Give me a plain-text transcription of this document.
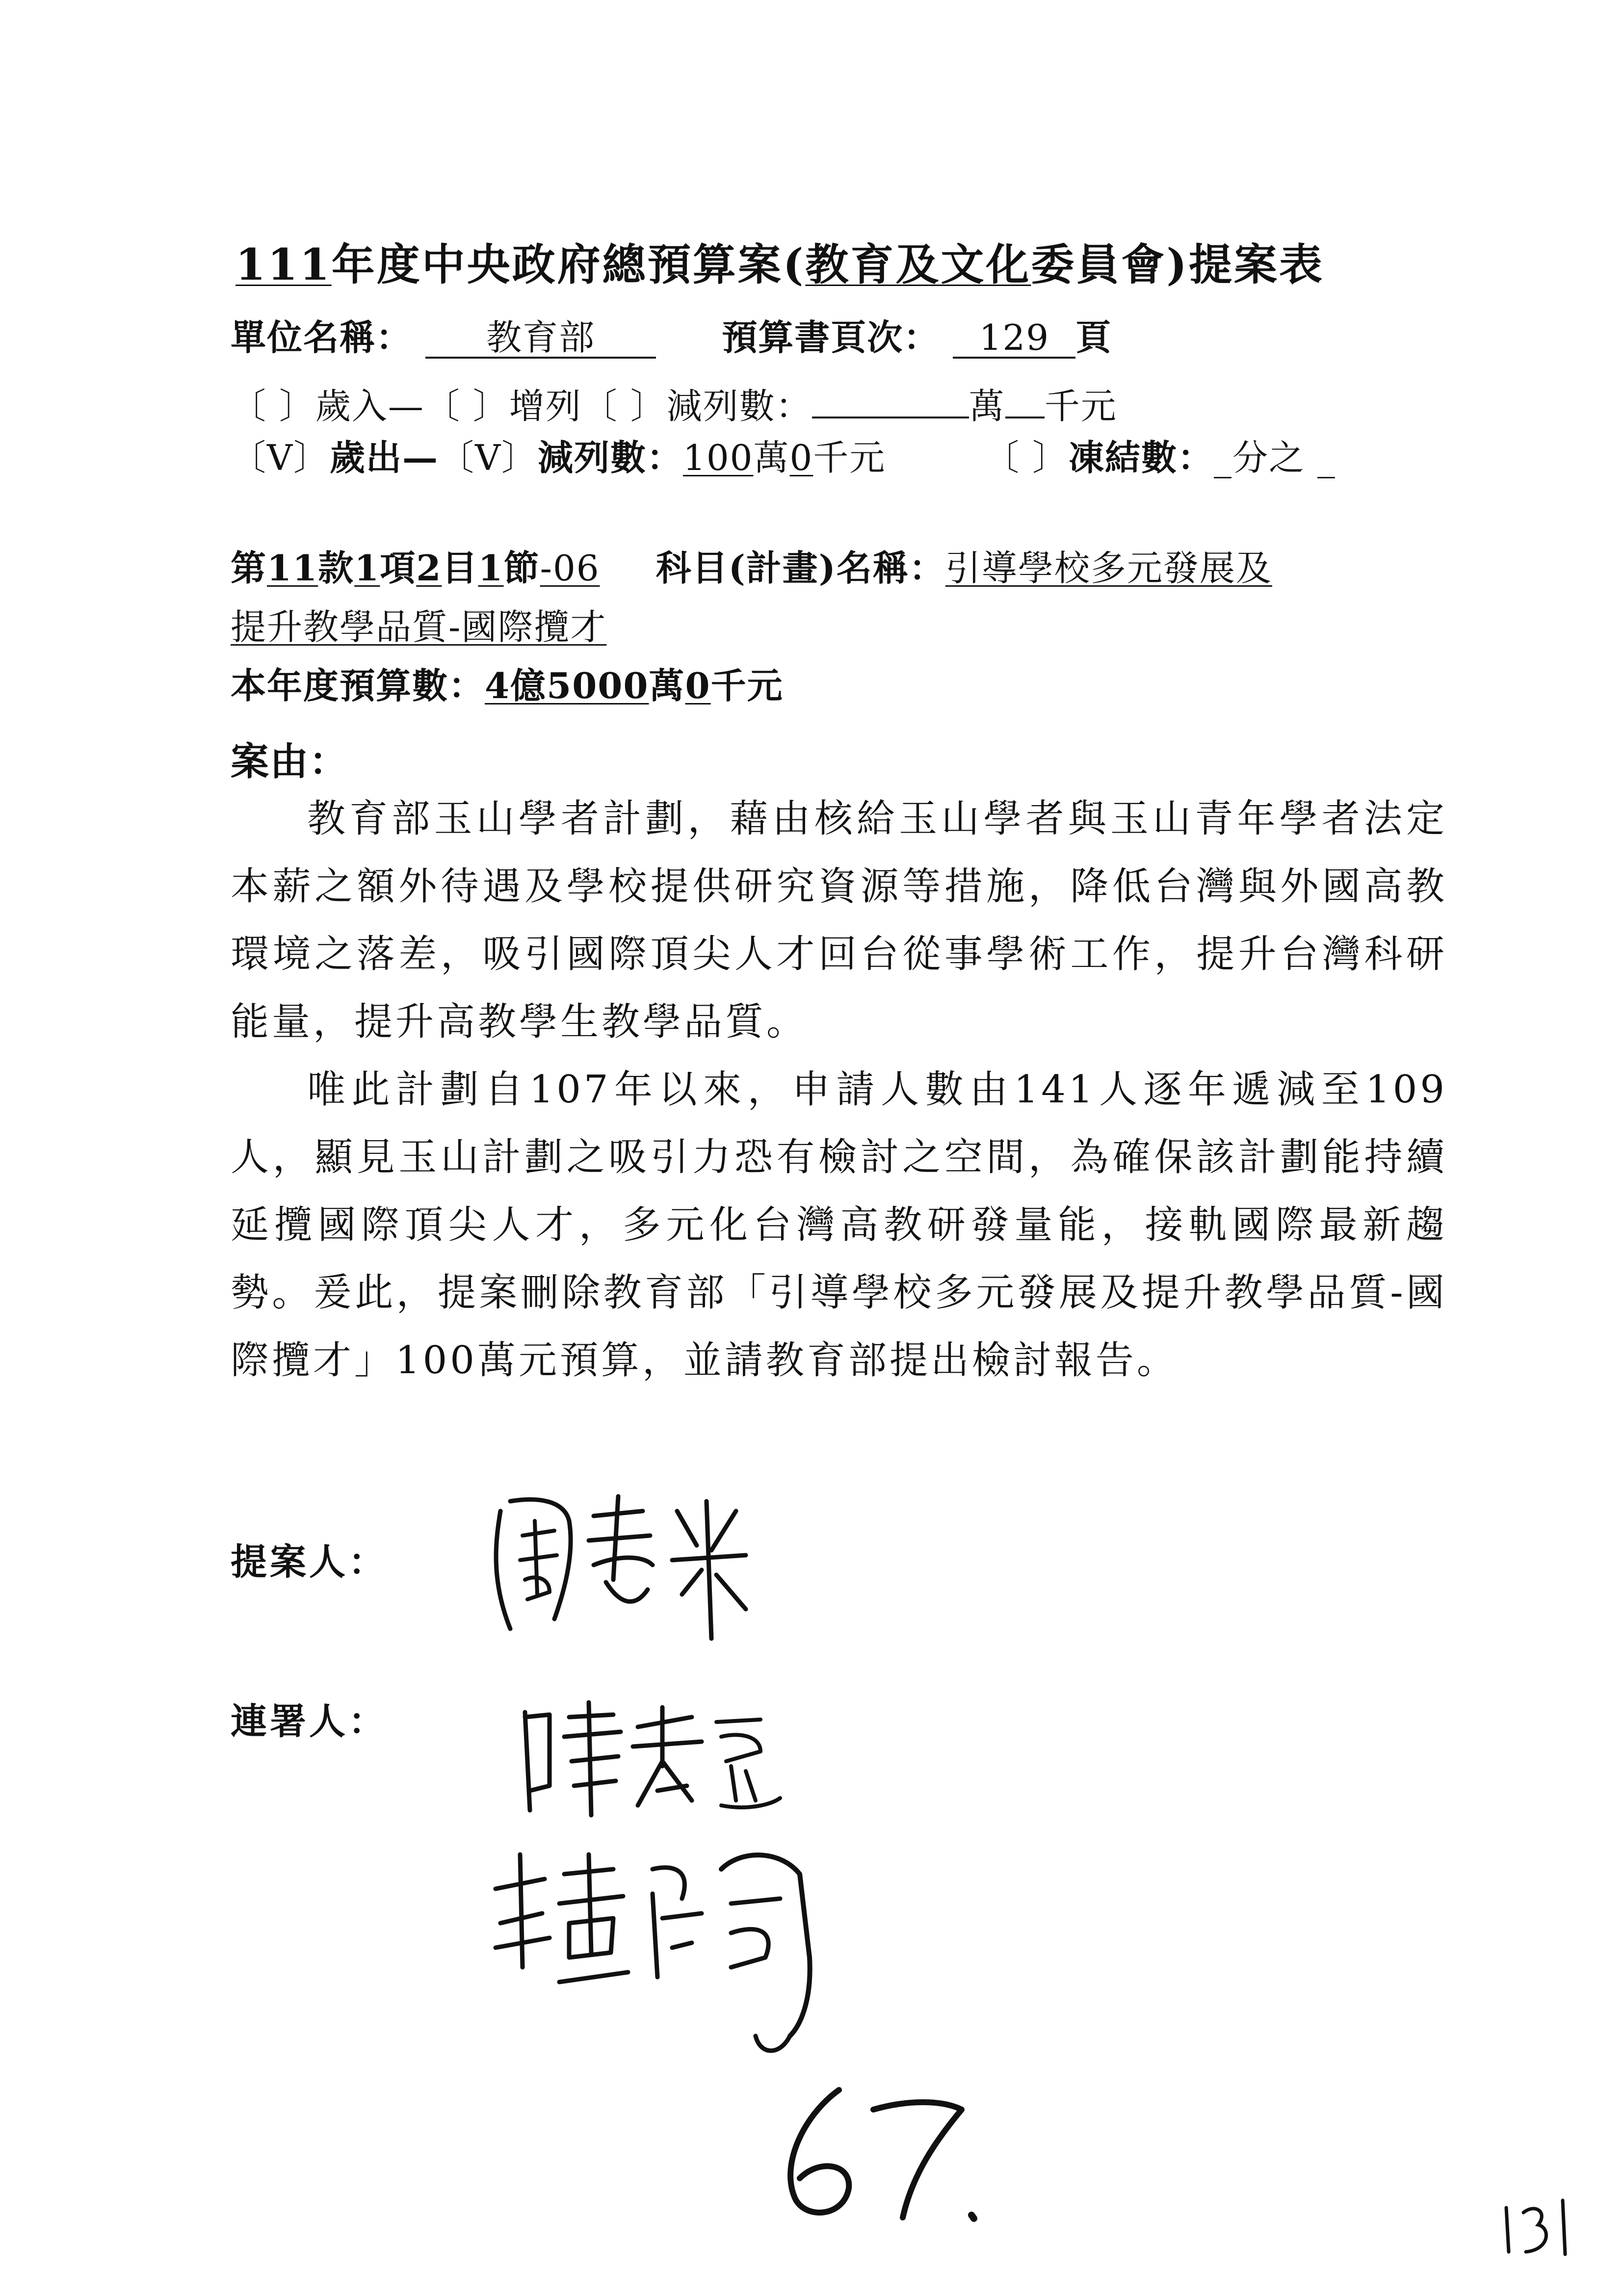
111年度中央政府總預算案(教育及文化委員會)提案表
單位名稱： 教育部	預算書頁次： 129 頁
〔 〕歲入—〔 〕增列〔 〕減列數：	萬 千元
〔V〕歲出—〔V〕減列數：100萬0千元	〔 〕凍結數：_分之 _
第11款1項2目1節-06 科目(計畫)名稱：引導學校多元發展及
提升教學品質-國際攬才
本年度預算數：4億5000萬0千元
案由：
教育部玉山學者計劃，藉由核給玉山學者與玉山青年學者法定本薪之額外待遇及學校提供研究資源等措施，降低台灣與外國高教環境之落差，吸引國際頂尖人才回台從事學術工作，提升台灣科研能量，提升高教學生教學品質。
唯此計劃自107年以來，申請人數由141人逐年遞減至109人，顯見玉山計劃之吸引力恐有檢討之空間，為確保該計劃能持續延攬國際頂尖人才，多元化台灣高教研發量能，接軌國際最新趨勢。爰此，提案刪除教育部「引導學校多元發展及提升教學品質-國際攬才」100萬元預算，並請教育部提出檢討報告。
提案人：
連署人：
67.
131
